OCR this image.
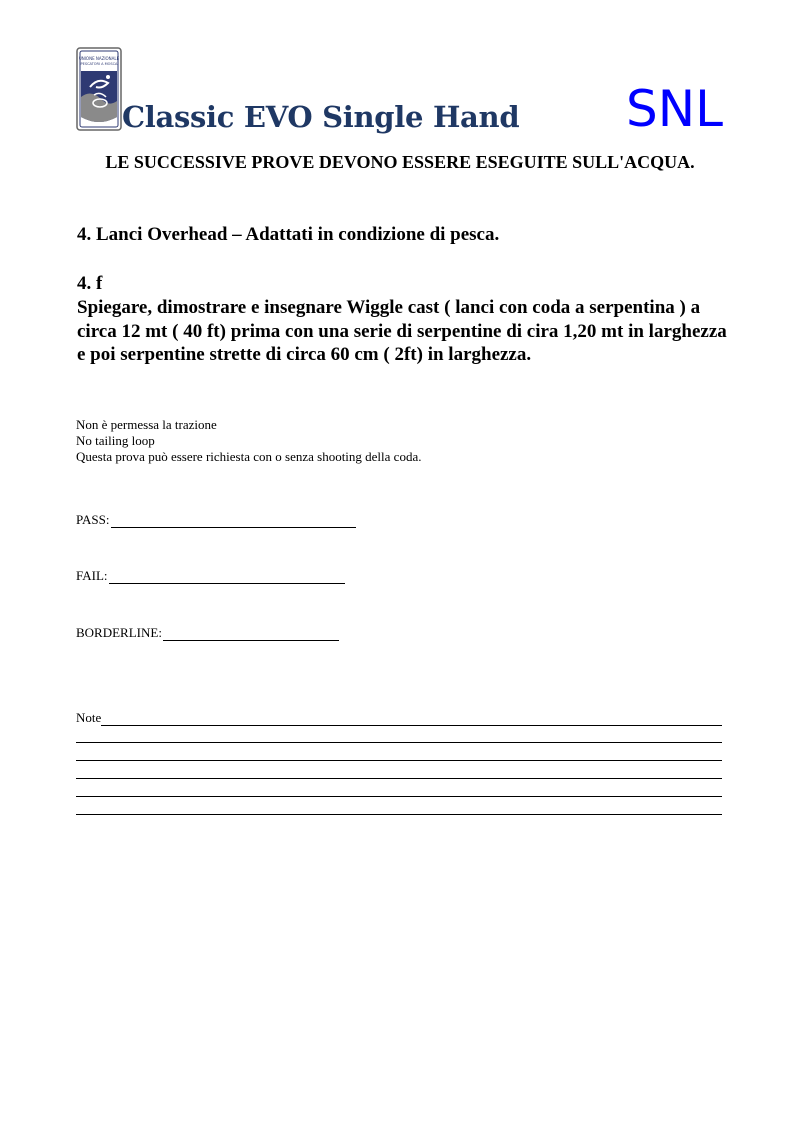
UNIONE NAZIONALE
PESCATORI A MOSCA
Classic EVO Single Hand SNL
LE SUCCESSIVE PROVE DEVONO ESSERE ESEGUITE SULL'ACQUA.
4. Lanci Overhead – Adattati in condizione di pesca.
4. f
Spiegare, dimostrare e insegnare Wiggle cast ( lanci con coda a serpentina ) a circa 12 mt ( 40 ft) prima con una serie di serpentine di cira 1,20 mt in larghezza e poi serpentine strette di circa 60 cm ( 2ft) in larghezza.
Non è permessa la trazione
No tailing loop
Questa prova può essere richiesta con o senza shooting della coda.
PASS:
FAIL:
BORDERLINE:
Note
